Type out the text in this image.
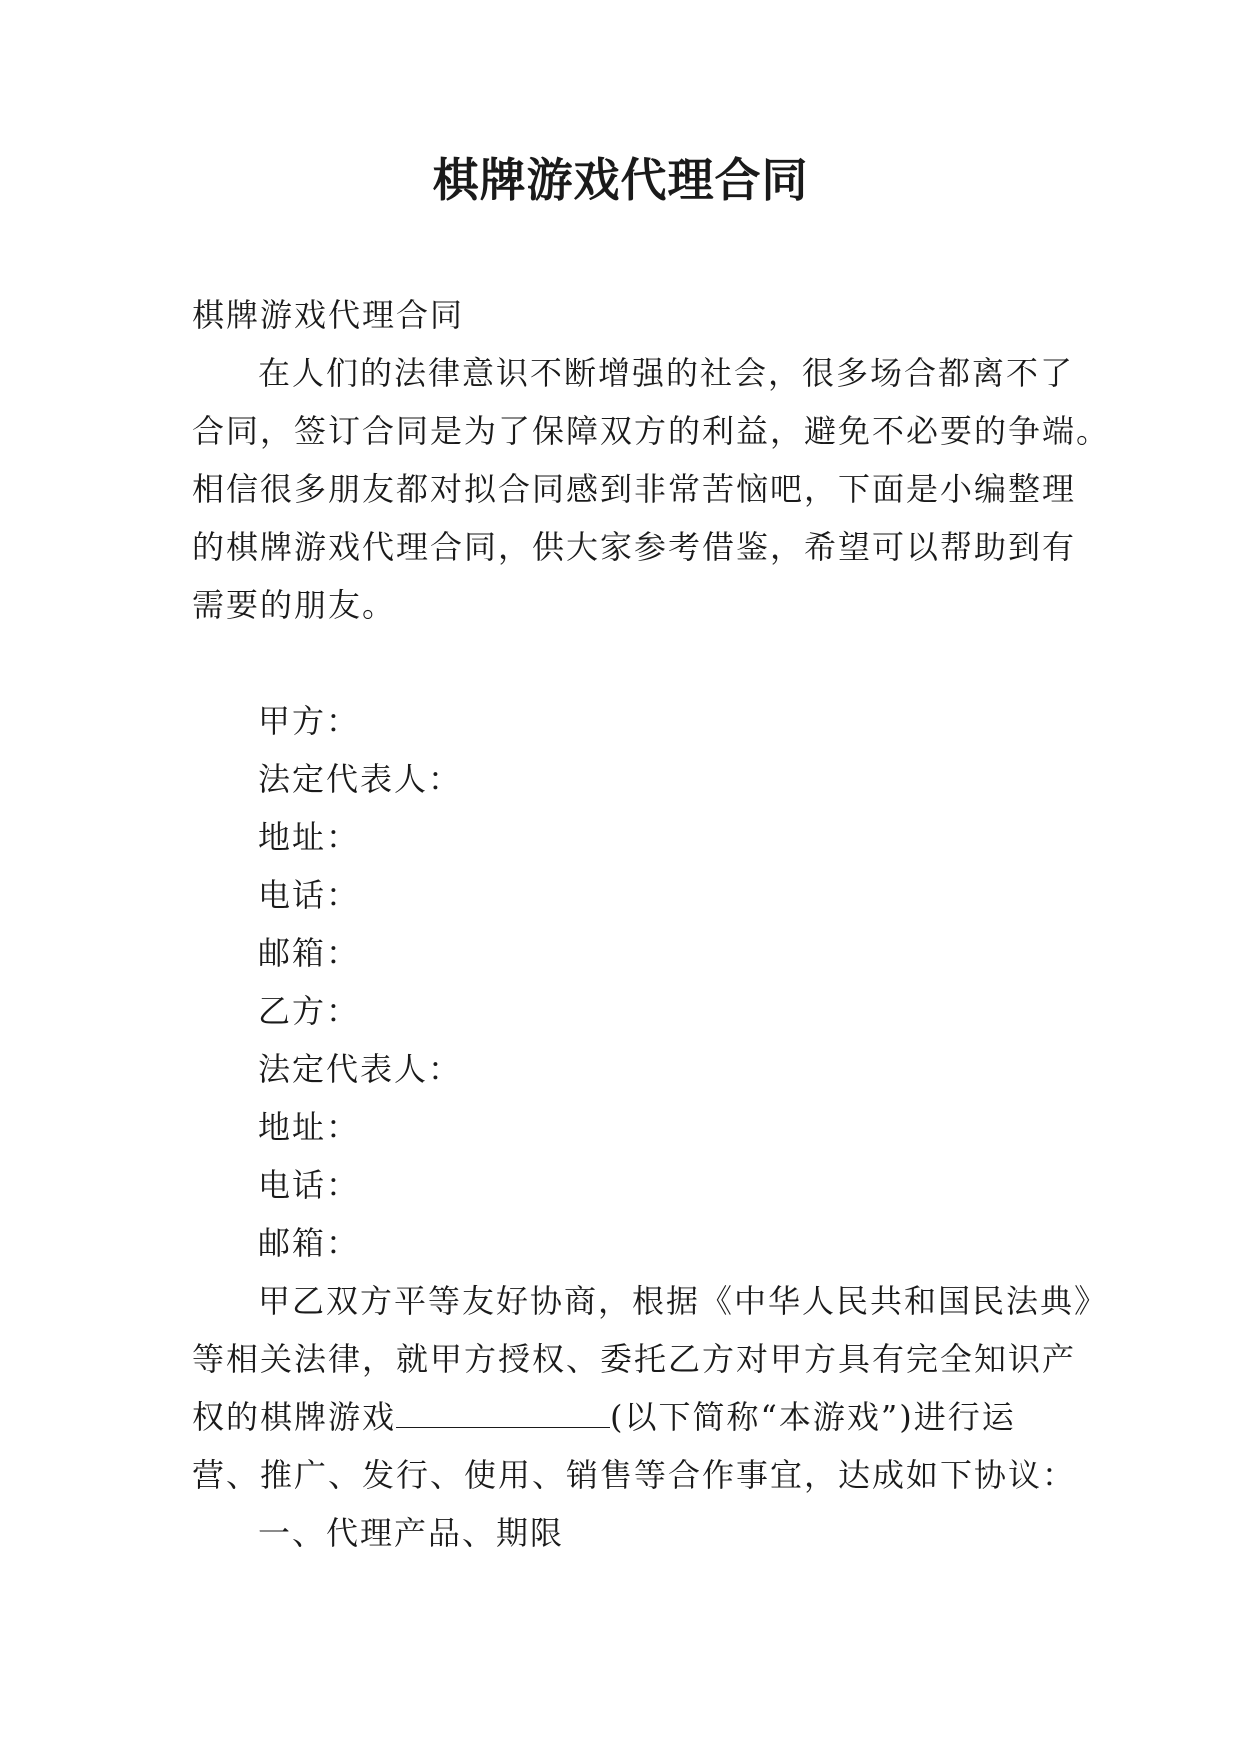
棋牌游戏代理合同
棋牌游戏代理合同
在人们的法律意识不断增强的社会，很多场合都离不了
合同，签订合同是为了保障双方的利益，避免不必要的争端。
相信很多朋友都对拟合同感到非常苦恼吧，下面是小编整理
的棋牌游戏代理合同，供大家参考借鉴，希望可以帮助到有
需要的朋友。
甲方：
法定代表人：
地址：
电话：
邮箱：
乙方：
法定代表人：
地址：
电话：
邮箱：
甲乙双方平等友好协商，根据《中华人民共和国民法典》
等相关法律，就甲方授权、委托乙方对甲方具有完全知识产
权的棋牌游戏	(以下简称“本游戏”)进行运
营、推广、发行、使用、销售等合作事宜，达成如下协议：
一、代理产品、期限
